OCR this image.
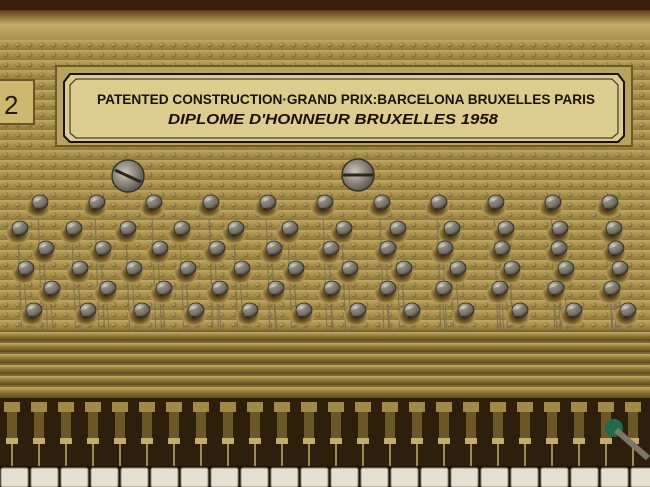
2	PATENTED CONSTRUCTION·GRAND PRIX:BARCELONA BRUXELLES PARIS
DIPLOME D'HONNEUR BRUXELLES 1958
